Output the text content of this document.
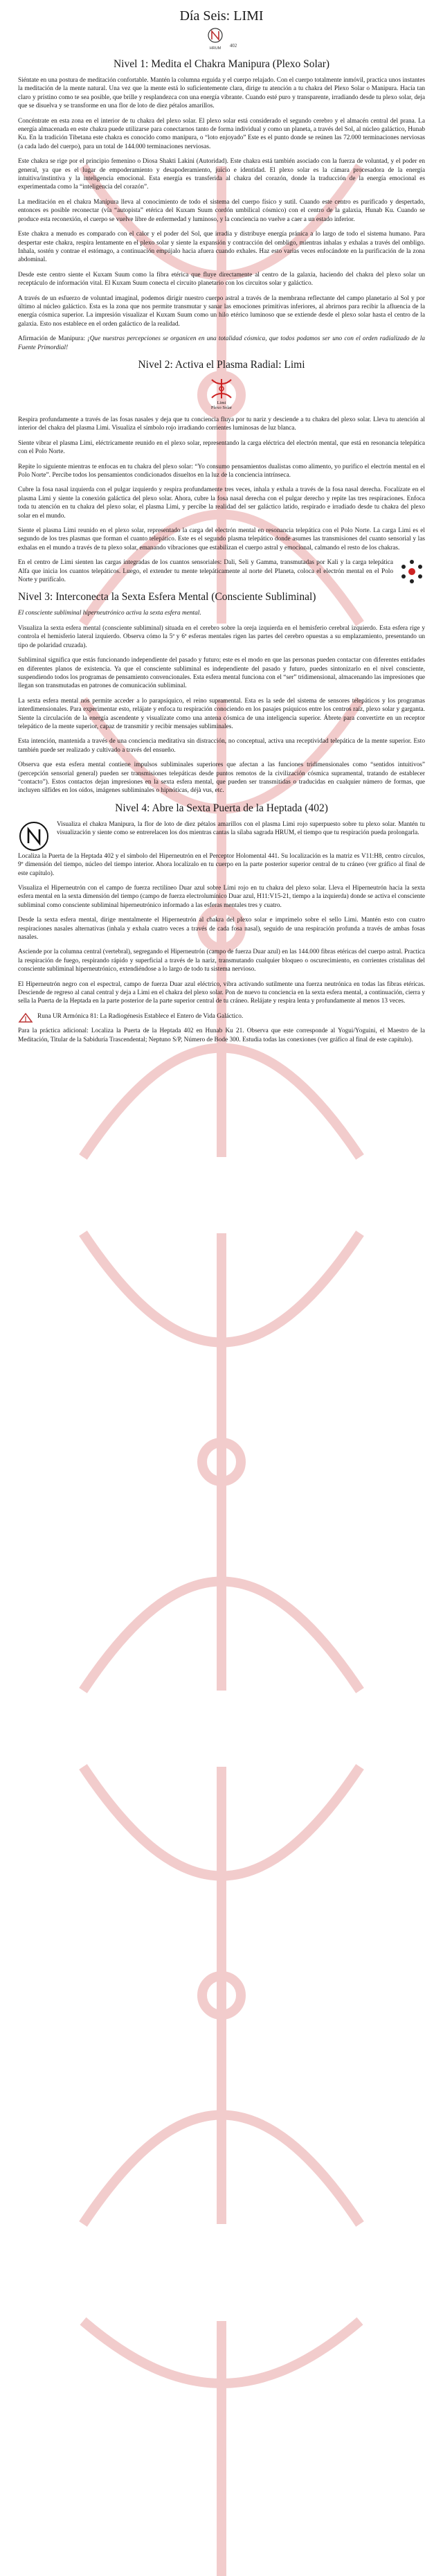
Día Seis: LIMI
HRUM 402
Nivel 1: Medita el Chakra Manipura (Plexo Solar)

Siéntate en una postura de meditación confortable. Mantén la columna erguida y el cuerpo relajado. Con el cuerpo totalmente inmóvil, practica unos instantes la meditación de la mente natural. Una vez que la mente está lo suficientemente clara, dirige tu atención a tu chakra del Plexo Solar o Manipura. Hacía tan claro y prístino como te sea posible, que brille y resplandezca con una energía vibrante. Cuando esté puro y transparente, irradiando desde tu plexo solar, deja que se disuelva y se transforme en una flor de loto de diez pétalos amarillos.

Concéntrate en esta zona en el interior de tu chakra del plexo solar. El plexo solar está considerado el segundo cerebro y el almacén central del prana. La energía almacenada en este chakra puede utilizarse para conectarnos tanto de forma individual y como un planeta, a través del Sol, al núcleo galáctico, Hunab Ku. En la tradición Tibetana este chakra es conocido como manipura, o “loto enjoyado” Este es el punto donde se reúnen las 72.000 terminaciones nerviosas (a cada lado del cuerpo), para un total de 144.000 terminaciones nerviosas.

Este chakra se rige por el principio femenino o Diosa Shakti Lakini (Autoridad). Este chakra está también asociado con la fuerza de voluntad, y el poder en general, ya que es el lugar de empoderamiento y desapoderamiento, juicio e identidad. El plexo solar es la cámara procesadora de la energía intuitiva/instintiva y la inteligencia emocional. Esta energía es transferida al chakra del corazón, donde la traducción de la energía emocional es experimentada como la “inteligencia del corazón”.

La meditación en el chakra Manipura lleva al conocimiento de todo el sistema del cuerpo físico y sutil. Cuando este centro es purificado y despertado, entonces es posible reconectar (vía “autopista” etérica del Kuxam Suum cordón umbilical cósmico) con el centro de la galaxia, Hunab Ku. Cuando se produce esta reconexión, el cuerpo se vuelve libre de enfermedad y luminoso, y la conciencia no vuelve a caer a un estado inferior.

Este chakra a menudo es comparado con el calor y el poder del Sol, que irradia y distribuye energía pránica a lo largo de todo el sistema humano. Para despertar este chakra, respira lentamente en el plexo solar y siente la expansión y contracción del ombligo, mientras inhalas y exhalas a través del ombligo. Inhala, sostén y contrae el estómago, a continuación empújalo hacia afuera cuando exhales. Haz esto varias veces enfocándote en la purificación de la zona abdominal.

Desde este centro siente el Kuxam Suum como la fibra etérica que fluye directamente al centro de la galaxia, haciendo del chakra del plexo solar un receptáculo de información vital. El Kuxam Suum conecta el circuito planetario con los circuitos solar y galáctico.

A través de un esfuerzo de voluntad imaginal, podemos dirigir nuestro cuerpo astral a través de la membrana reflectante del campo planetario al Sol y por último al núcleo galáctico. Esta es la zona que nos permite transmutar y sanar las emociones primitivas inferiores, al abrirnos para recibir la afluencia de la energía cósmica superior. La impresión visualizar el Kuxam Suum como un hilo etérico luminoso que se extiende desde el plexo solar hasta el centro de la galaxia. Esto nos establece en el orden galáctico de la realidad.

Afirmación de Manipura: ¡Que nuestras percepciones se organicen en una totalidad cósmica, que todos podamos ser uno con el orden radializado de la Fuente Primordial!

Nivel 2: Activa el Plasma Radial: Limi
Limi
Plexo Solar

Respira profundamente a través de las fosas nasales y deja que tu conciencia fluya por tu nariz y desciende a tu chakra del plexo solar. Lleva tu atención al interior del chakra del plasma Limi. Visualiza el símbolo rojo irradiando corrientes luminosas de luz blanca.

Siente vibrar el plasma Limi, eléctricamente reunido en el plexo solar, representando la carga eléctrica del electrón mental, que está en resonancia telepática con el Polo Norte.

Repite lo siguiente mientras te enfocas en tu chakra del plexo solar: “Yo consumo pensamientos dualistas como alimento, yo purifico el electrón mental en el Polo Norte”. Percibe todos los pensamientos condicionados disueltos en la luz de la conciencia intrínseca.

Cubre la fosa nasal izquierda con el pulgar izquierdo y respira profundamente tres veces, inhala y exhala a través de la fosa nasal derecha. Focalízate en el plasma Limi y siente la conexión galáctica del plexo solar. Ahora, cubre la fosa nasal derecha con el pulgar derecho y repite las tres respiraciones. Enfoca toda tu atención en tu chakra del plexo solar, el plasma Limi, y percibe la realidad del ser galáctico latido, respirado e irradiado desde tu chakra del plexo solar en el mundo.

Siente el plasma Limi reunido en el plexo solar, representado la carga del electrón mental en resonancia telepática con el Polo Norte. La carga Limi es el segundo de los tres plasmas que forman el cuanto telepático. Este es el segundo plasma telepático donde asumes las transmisiones del cuanto sensorial y las exhalas en el mundo a través de tu plexo solar, emanando vibraciones que estabilizan el cuerpo astral y emocional, calmando el resto de los chakras.

En el centro de Limi sienten las cargas integradas de los cuantos sensoriales: Dali, Seli y Gamma, transmutadas por Kali y la carga telepática Alfa que inicia los cuantos telepáticos. Luego, el extender tu mente telepáticamente al norte del Planeta, coloca el electrón mental en el Polo Norte y purifícalo.

Nivel 3: Interconecta la Sexta Esfera Mental (Consciente Subliminal)

El consciente subliminal hiperneutrónico activa la sexta esfera mental.

Visualiza la sexta esfera mental (consciente subliminal) situada en el cerebro sobre la oreja izquierda en el hemisferio cerebral izquierdo. Esta esfera rige y controla el hemisferio lateral izquierdo. Observa cómo la 5ª y 6ª esferas mentales rigen las partes del cerebro opuestas a su emplazamiento, presentando un tipo de polaridad cruzada).

Subliminal significa que estás funcionando independiente del pasado y futuro; este es el modo en que las personas pueden contactar con diferentes entidades en diferentes planos de existencia. Ya que el consciente subliminal es independiente del pasado y futuro, puedes sintonizarlo en el nivel consciente, suspendiendo todos los programas de pensamiento convencionales. Esta esfera mental funciona con el “ser” tridimensional, almacenando las impresiones que llegan son transmutadas en patrones de comunicación subliminal.

La sexta esfera mental nos permite acceder a lo parapsíquico, el reino supramental. Esta es la sede del sistema de sensores telepáticos y los programas interdimensionales. Para experimentar esto, relájate y enfoca tu respiración conociendo en los pasajes psíquicos entre los centros raíz, plexo solar y garganta. Siente la circulación de la energía ascendente y visualízate como una antena cósmica de una inteligencia superior. Ábrete para convertirte en un receptor telepático de la mente superior, capaz de transmitir y recibir mensajes subliminales.

Esta intención, mantenida a través de una conciencia meditativa sin distracción, no conceptual, activa una receptividad telepática de la mente superior. Esto también puede ser realizado y cultivado a través del ensueño.

Observa que esta esfera mental contiene impulsos subliminales superiores que afectan a las funciones tridimensionales como “sentidos intuitivos” (percepción sensorial general) pueden ser transmisiones telepáticas desde puntos remotos de la civilización cósmica supramental, tratando de establecer “contacto”). Estos contactos dejan impresiones en la sexta esfera mental, que pueden ser transmitidas o traducidas en cualquier número de formas, que incluyen sílfides en los oídos, imágenes subliminales o hipnóticas, déjà vus, etc.

Nivel 4: Abre la Sexta Puerta de la Heptada (402)

Visualiza el chakra Manipura, la flor de loto de diez pétalos amarillos con el plasma Limi rojo superpuesto sobre tu plexo solar. Mantén tu visualización y siente como se entrerelacen los dos mientras cantas la sílaba sagrada HRUM, el tiempo que tu respiración pueda prolongarla.

Localiza la Puerta de la Heptada 402 y el símbolo del Hiperneutrón en el Perceptor Holomental 441. Su localización es la matriz es V11:H8, centro círculos, 9º dimensión del tiempo, núcleo del tiempo interior. Ahora localízalo en tu cuerpo en la parte posterior superior central de tu cráneo (ver gráfico al final de este capítulo).

Visualiza el Hiperneutrón con el campo de fuerza rectilíneo Duar azul sobre Limi rojo en tu chakra del plexo solar. Lleva el Hiperneutrón hacia la sexta esfera mental en la sexta dimensión del tiempo (campo de fuerza electrolumínico Duar azul, H11:V15-21, tiempo a la izquierda) donde se activa el consciente subliminal como consciente subliminal hiperneutrónico informado a las esferas mentales tres y cuatro.

Desde la sexta esfera mental, dirige mentalmente el Hiperneutrón al chakra del plexo solar e imprímelo sobre el sello Limi. Mantén esto con cuatro respiraciones nasales alternativas (inhala y exhala cuatro veces a través de cada fosa nasal), seguido de una respiración profunda a través de ambas fosas nasales.

Asciende por la columna central (vertebral), segregando el Hiperneutrón (campo de fuerza Duar azul) en las 144.000 fibras etéricas del cuerpo astral. Practica la respiración de fuego, respirando rápido y superficial a través de la nariz, transmutando cualquier bloqueo o oscurecimiento, en corrientes cristalinas del consciente subliminal hiperneutrónico, extendiéndose a lo largo de todo tu sistema nervioso.

El Hiperneutrón negro con el espectral, campo de fuerza Duar azul eléctrico, vibra activando sutilmente una fuerza neutrónica en todas las fibras etéricas. Desciende de regreso al canal central y deja a Limi en el chakra del plexo solar. Pon de nuevo tu conciencia en la sexta esfera mental, a continuación, cierra y sella la Puerta de la Heptada en la parte posterior de la parte superior central de tu cráneo. Relájate y respira lenta y profundamente al menos 13 veces.

Runa UR Armónica 81: La Radiogénesis Establece el Entero de Vida Galáctico.

Para la práctica adicional: Localiza la Puerta de la Heptada 402 en Hunab Ku 21. Observa que este corresponde al Yogui/Yoguini, el Maestro de la Meditación, Titular de la Sabiduría Trascendental; Neptuno S/P, Número de Bode 300. Estudia todas las conexiones (ver gráfico al final de este capítulo).
